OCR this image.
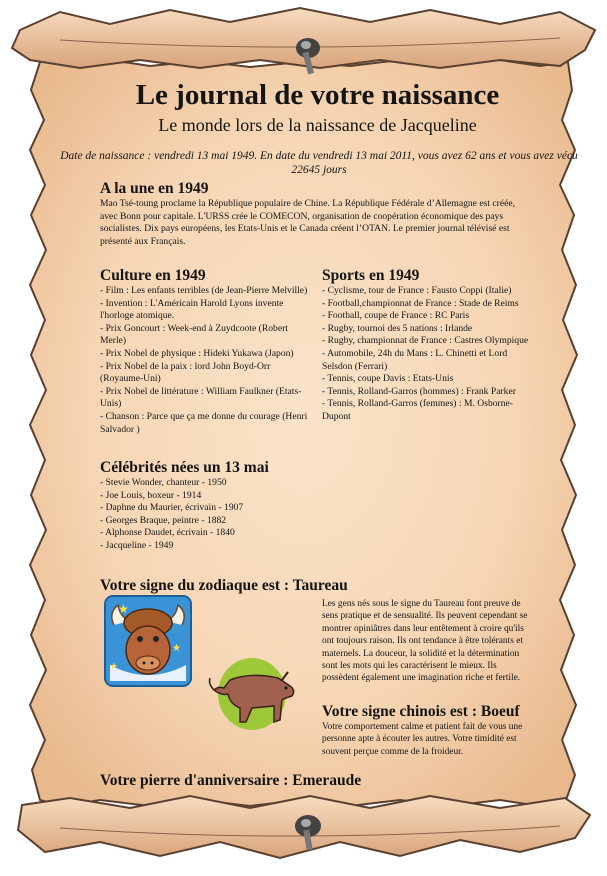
Le journal de votre naissance
Le monde lors de la naissance de Jacqueline
Date de naissance : vendredi 13 mai 1949. En date du vendredi 13 mai 2011, vous avez 62 ans et vous avez vécu 22645 jours
A la une en 1949
Mao Tsé-toung proclame la République populaire de Chine. La République Fédérale d’Allemagne est créée, avec Bonn pour capitale. L'URSS crée le COMECON, organisation de coopération économique des pays socialistes. Dix pays européens, les Etats-Unis et le Canada créent l’OTAN. Le premier journal télévisé est présenté aux Français.
Culture en 1949
- Film : Les enfants terribles (de Jean-Pierre Melville)
- Invention : L'Américain Harold Lyons invente l'horloge atomique.
- Prix Goncourt : Week-end à Zuydcoote (Robert Merle)
- Prix Nobel de physique : Hideki Yukawa (Japon)
- Prix Nobel de la paix : lord John Boyd-Orr (Royaume-Uni)
- Prix Nobel de littérature : William Faulkner (Etats-Unis)
- Chanson : Parce que ça me donne du courage (Henri Salvador )
Sports en 1949
- Cyclisme, tour de France : Fausto Coppi (Italie)
- Football,championnat de France : Stade de Reims
- Football, coupe de France : RC Paris
- Rugby, tournoi des 5 nations : Irlande
- Rugby, championnat de France : Castres Olympique
- Automobile, 24h du Mans : L. Chinetti et Lord Selsdon (Ferrari)
- Tennis, coupe Davis : Etats-Unis
- Tennis, Rolland-Garros (hommes) : Frank Parker
- Tennis, Rolland-Garros (femmes) : M. Osborne-Dupont
Célébrités nées un 13 mai
- Stevie Wonder, chanteur - 1950
- Joe Louis, boxeur - 1914
- Daphne du Maurier, écrivain - 1907
- Georges Braque, peintre - 1882
- Alphonse Daudet, écrivain - 1840
- Jacqueline - 1949
Votre signe du zodiaque est : Taureau
★
★
★
Les gens nés sous le signe du Taureau font preuve de sens pratique et de sensualité. Ils peuvent cependant se montrer opiniâtres dans leur entêtement à croire qu'ils ont toujours raison. Ils ont tendance à être tolérants et maternels. La douceur, la solidité et la détermination sont les mots qui les caractérisent le mieux. Ils possèdent également une imagination riche et fertile.
Votre signe chinois est : Boeuf
Votre comportement calme et patient fait de vous une personne apte à écouter les autres. Votre timidité est souvent perçue comme de la froideur.
Votre pierre d'anniversaire : Emeraude
